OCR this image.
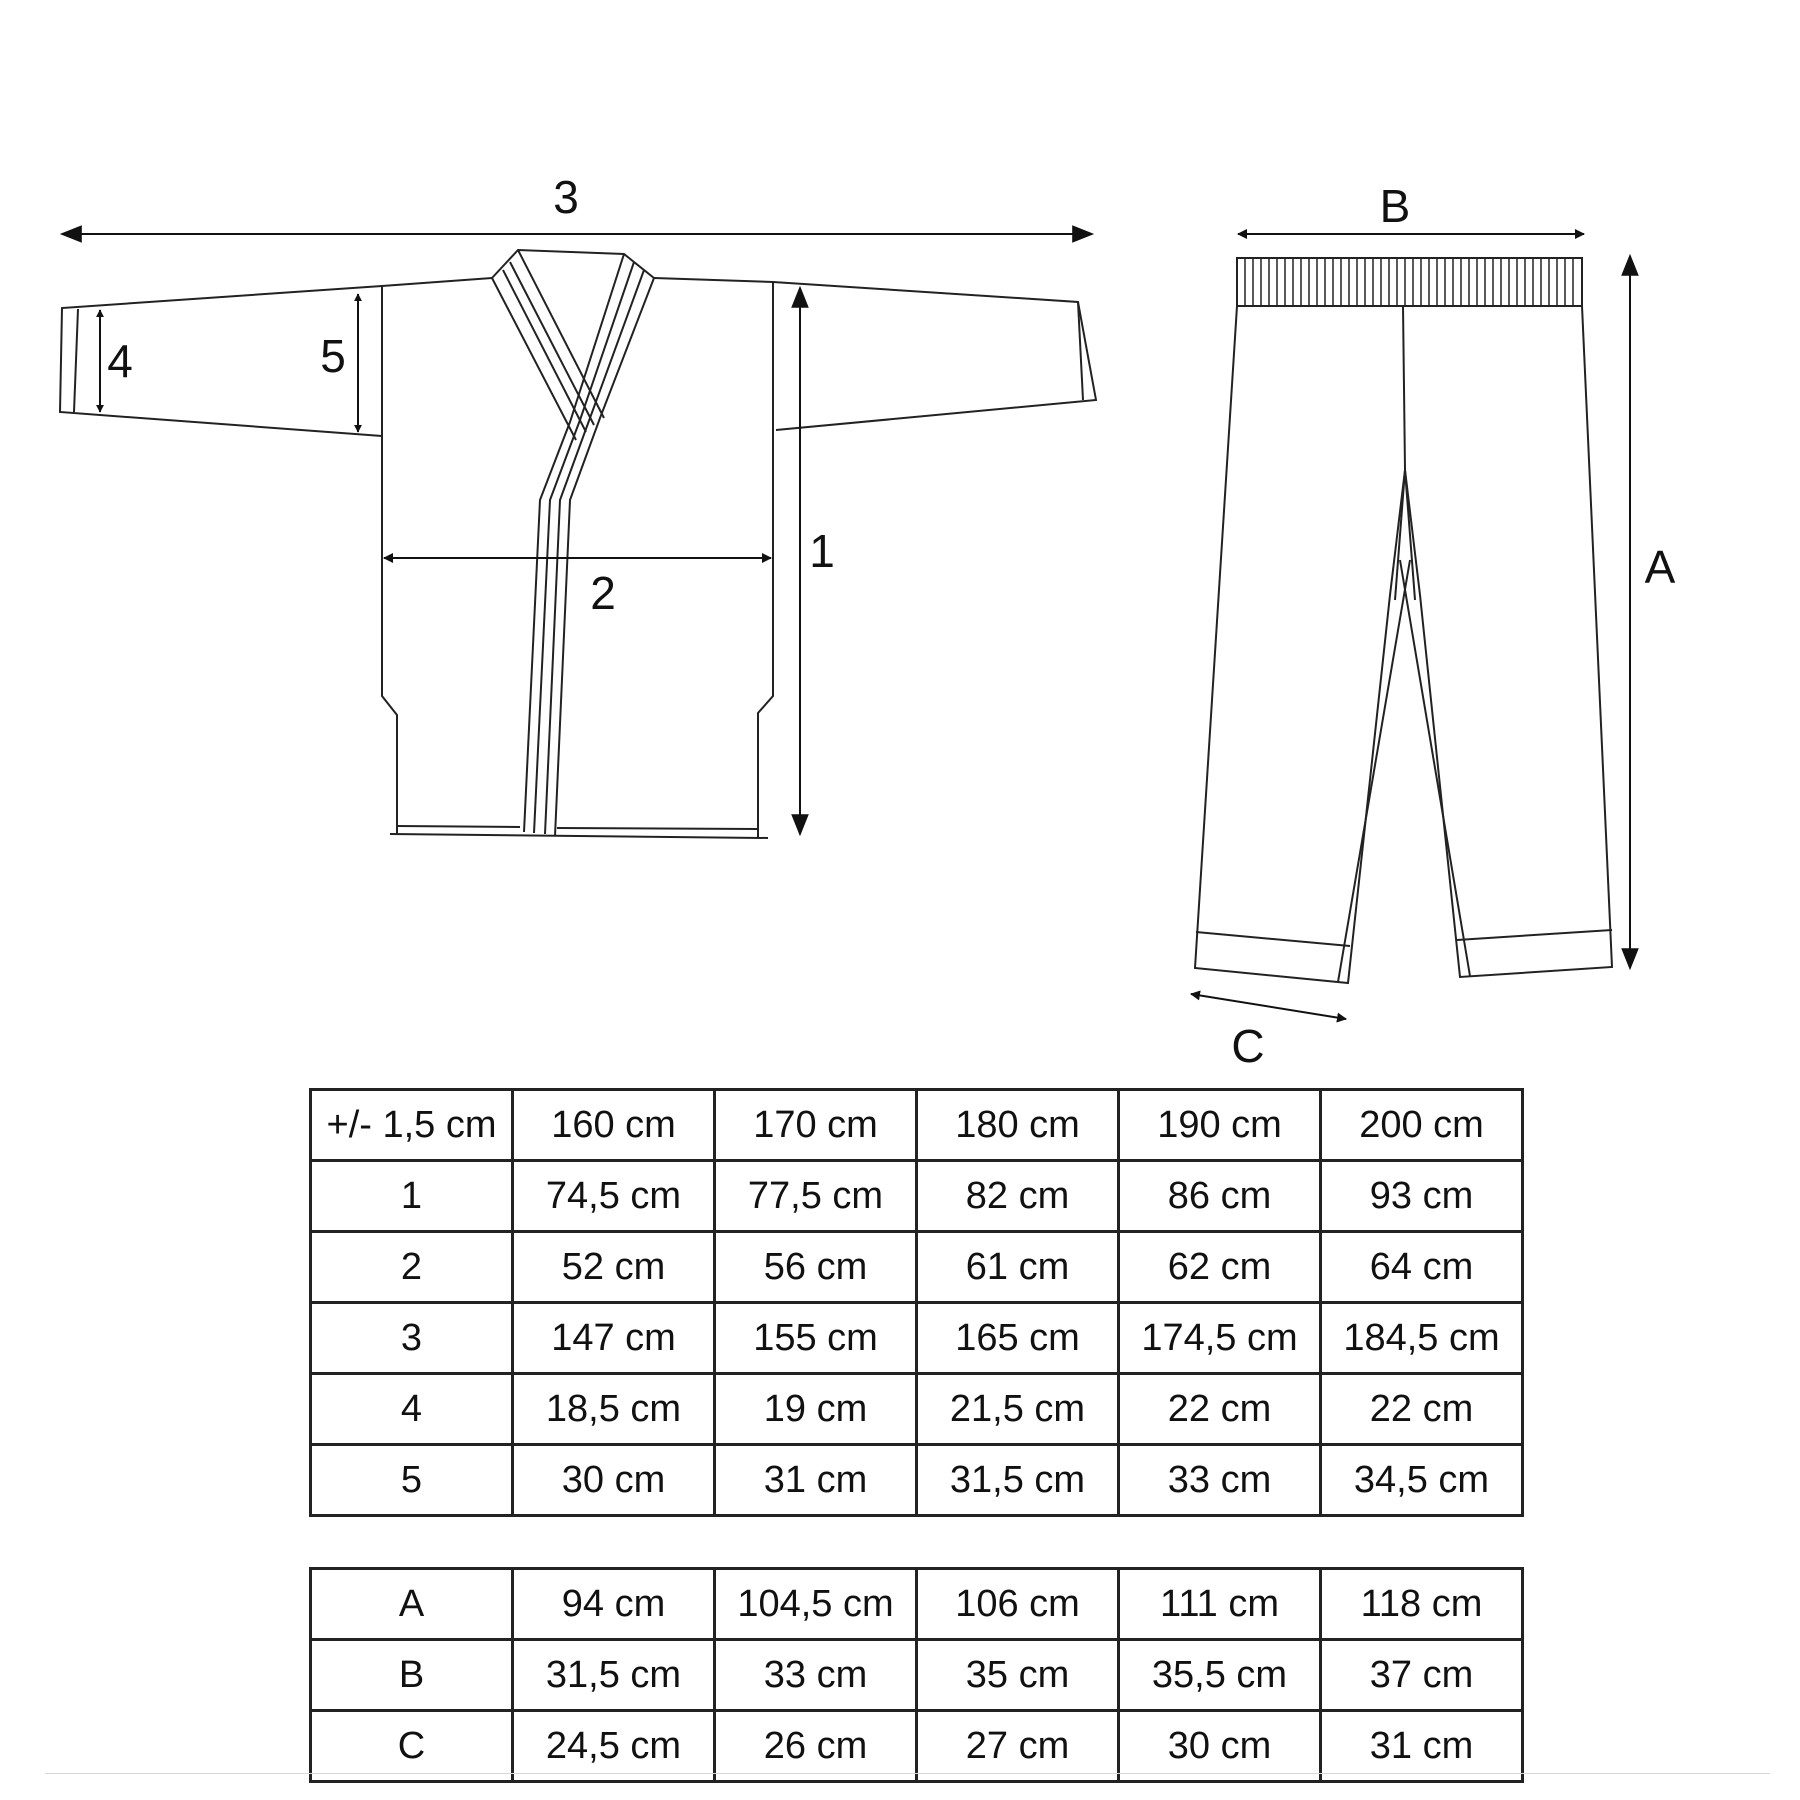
3
1
2
4	5
B
A
C
+/- 1,5 cm	160 cm	170 cm	180 cm	190 cm	200 cm
1	74,5 cm	77,5 cm	82 cm	86 cm	93 cm
2	52 cm	56 cm	61 cm	62 cm	64 cm
3	147 cm	155 cm	165 cm	174,5 cm	184,5 cm
4	18,5 cm	19 cm	21,5 cm	22 cm	22 cm
5	30 cm	31 cm	31,5 cm	33 cm	34,5 cm
A	94 cm	104,5 cm	106 cm	111 cm	118 cm
B	31,5 cm	33 cm	35 cm	35,5 cm	37 cm
C	24,5 cm	26 cm	27 cm	30 cm	31 cm
